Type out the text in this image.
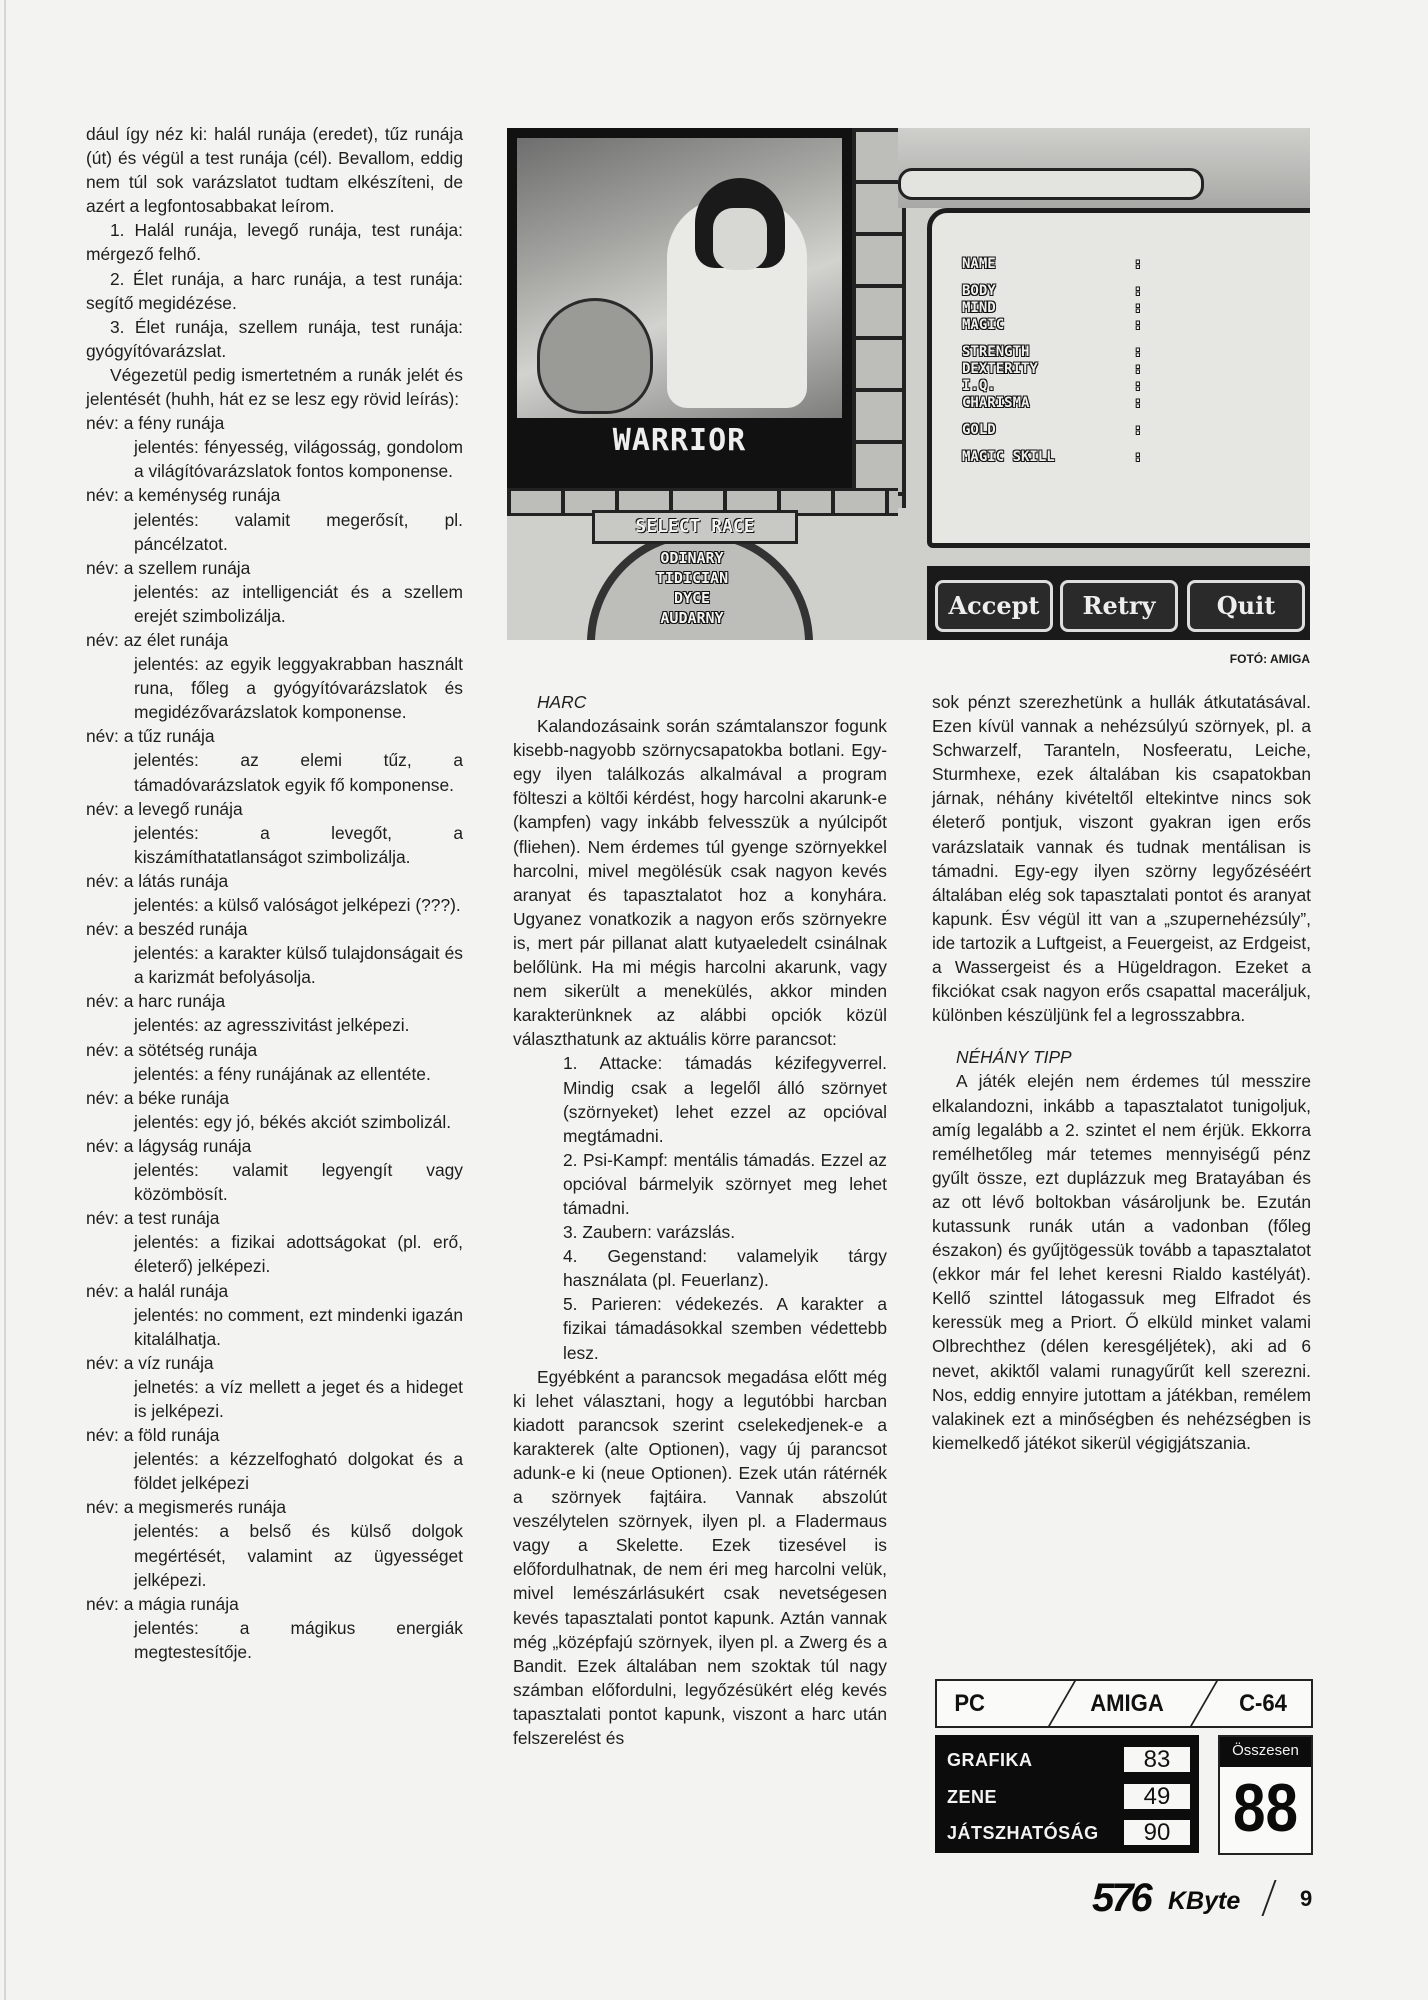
dául így néz ki: halál runája (eredet), tűz runája (út) és végül a test runája (cél). Bevallom, eddig nem túl sok varázslatot tudtam elkészíteni, de azért a legfontosabbakat leírom.

1. Halál runája, levegő runája, test runája: mérgező felhő.

2. Élet runája, a harc runája, a test runája: segítő megidézése.

3. Élet runája, szellem runája, test runája: gyógyítóvarázslat.

Végezetül pedig ismertetném a runák jelét és jelentését (huhh, hát ez se lesz egy rövid leírás):

név: a fény runája
jelentés: fényesség, világosság, gondolom a világítóvarázslatok fontos komponense.
név: a keménység runája
jelentés: valamit megerősít, pl. páncélzatot.
név: a szellem runája
jelentés: az intelligenciát és a szellem erejét szimbolizálja.
név: az élet runája
jelentés: az egyik leggyakrabban használt runa, főleg a gyógyítóvarázslatok és megidézővarázslatok komponense.
név: a tűz runája
jelentés: az elemi tűz, a támadóvarázslatok egyik fő komponense.
név: a levegő runája
jelentés: a levegőt, a kiszámíthatatlanságot szimbolizálja.
név: a látás runája
jelentés: a külső valóságot jelképezi (???).
név: a beszéd runája
jelentés: a karakter külső tulajdonságait és a karizmát befolyásolja.
név: a harc runája
jelentés: az agresszivitást jelképezi.
név: a sötétség runája
jelentés: a fény runájának az ellentéte.
név: a béke runája
jelentés: egy jó, békés akciót szimbolizál.
név: a lágyság runája
jelentés: valamit legyengít vagy közömbösít.
név: a test runája
jelentés: a fizikai adottságokat (pl. erő, életerő) jelképezi.
név: a halál runája
jelentés: no comment, ezt mindenki igazán kitalálhatja.
név: a víz runája
jelnetés: a víz mellett a jeget és a hideget is jelképezi.
név: a föld runája
jelentés: a kézzelfogható dolgokat és a földet jelképezi
név: a megismerés runája
jelentés: a belső és külső dolgok megértését, valamint az ügyességet jelképezi.
név: a mágia runája
jelentés: a mágikus energiák megtestesítője.
WARRIOR
SELECT RACE
ODINARY
TIDICIAN
DYCE
AUDARNY
NAME	:
BODY	:
MIND	:
MAGIC	:
STRENGTH	:
DEXTERITY	:
I.Q.	:
CHARISMA	:
GOLD	:
MAGIC SKILL	:
Accept	Retry	Quit
FOTÓ: AMIGA

HARC

Kalandozásaink során számtalanszor fogunk kisebb-nagyobb szörnycsapatokba botlani. Egy-egy ilyen találkozás alkalmával a program fölteszi a költői kérdést, hogy harcolni akarunk-e (kampfen) vagy inkább felvesszük a nyúlcipőt (fliehen). Nem érdemes túl gyenge szörnyekkel harcolni, mivel megölésük csak nagyon kevés aranyat és tapasztalatot hoz a konyhára. Ugyanez vonatkozik a nagyon erős szörnyekre is, mert pár pillanat alatt kutyaeledelt csinálnak belőlünk. Ha mi mégis harcolni akarunk, vagy nem sikerült a menekülés, akkor minden karakterünknek az alábbi opciók közül választhatunk az aktuális körre parancsot:

1. Attacke: támadás kézifegyverrel. Mindig csak a legelől álló szörnyet (szörnyeket) lehet ezzel az opcióval megtámadni.

2. Psi-Kampf: mentális támadás. Ezzel az opcióval bármelyik szörnyet meg lehet támadni.

3. Zaubern: varázslás.

4. Gegenstand: valamelyik tárgy használata (pl. Feuerlanz).

5. Parieren: védekezés. A karakter a fizikai támadásokkal szemben védettebb lesz.

Egyébként a parancsok megadása előtt még ki lehet választani, hogy a legutóbbi harcban kiadott parancsok szerint cselekedjenek-e a karakterek (alte Optionen), vagy új parancsot adunk-e ki (neue Optionen). Ezek után rátérnék a szörnyek fajtáira. Vannak abszolút veszélytelen szörnyek, ilyen pl. a Fladermaus vagy a Skelette. Ezek tizesével is előfordulhatnak, de nem éri meg harcolni velük, mivel lemészárlásukért csak nevetségesen kevés tapasztalati pontot kapunk. Aztán vannak még „középfajú szörnyek, ilyen pl. a Zwerg és a Bandit. Ezek általában nem szoktak túl nagy számban előfordulni, legyőzésükért elég kevés tapasztalati pontot kapunk, viszont a harc után felszerelést és

sok pénzt szerezhetünk a hullák átkutatásával. Ezen kívül vannak a nehézsúlyú szörnyek, pl. a Schwarzelf, Taranteln, Nosfeeratu, Leiche, Sturmhexe, ezek általában kis csapatokban járnak, néhány kivételtől eltekintve nincs sok életerő pontjuk, viszont gyakran igen erős varázslataik vannak és tudnak mentálisan is támadni. Egy-egy ilyen szörny legyőzéséért általában elég sok tapasztalati pontot és aranyat kapunk. Ésv végül itt van a „szupernehézsúly”, ide tartozik a Luftgeist, a Feuergeist, az Erdgeist, a Wassergeist és a Hügeldragon. Ezeket a fikciókat csak nagyon erős csapattal maceráljuk, különben készüljünk fel a legrosszabbra.

NÉHÁNY TIPP

A játék elején nem érdemes túl messzire elkalandozni, inkább a tapasztalatot tunigoljuk, amíg legalább a 2. szintet el nem érjük. Ekkorra remélhetőleg már tetemes mennyiségű pénz gyűlt össze, ezt duplázzuk meg Bratayában és az ott lévő boltokban vásároljunk be. Ezután kutassunk runák után a vadonban (főleg északon) és gyűjtögessük tovább a tapasztalatot (ekkor már fel lehet keresni Rialdo kastélyát). Kellő szinttel látogassuk meg Elfradot és keressük meg a Priort. Ő elküld minket valami Olbrechthez (délen keresgéljétek), aki ad 6 nevet, akiktől valami runagyűrűt kell szerezni. Nos, eddig ennyire jutottam a játékban, remélem valakinek ezt a minőségben és nehézségben is kiemelkedő játékot sikerül végigjátszania.

PC	AMIGA	C-64
GRAFIKA	83
ZENE	49
JÁTSZHATÓSÁG	90
Összesen
88
576 KByte	9
